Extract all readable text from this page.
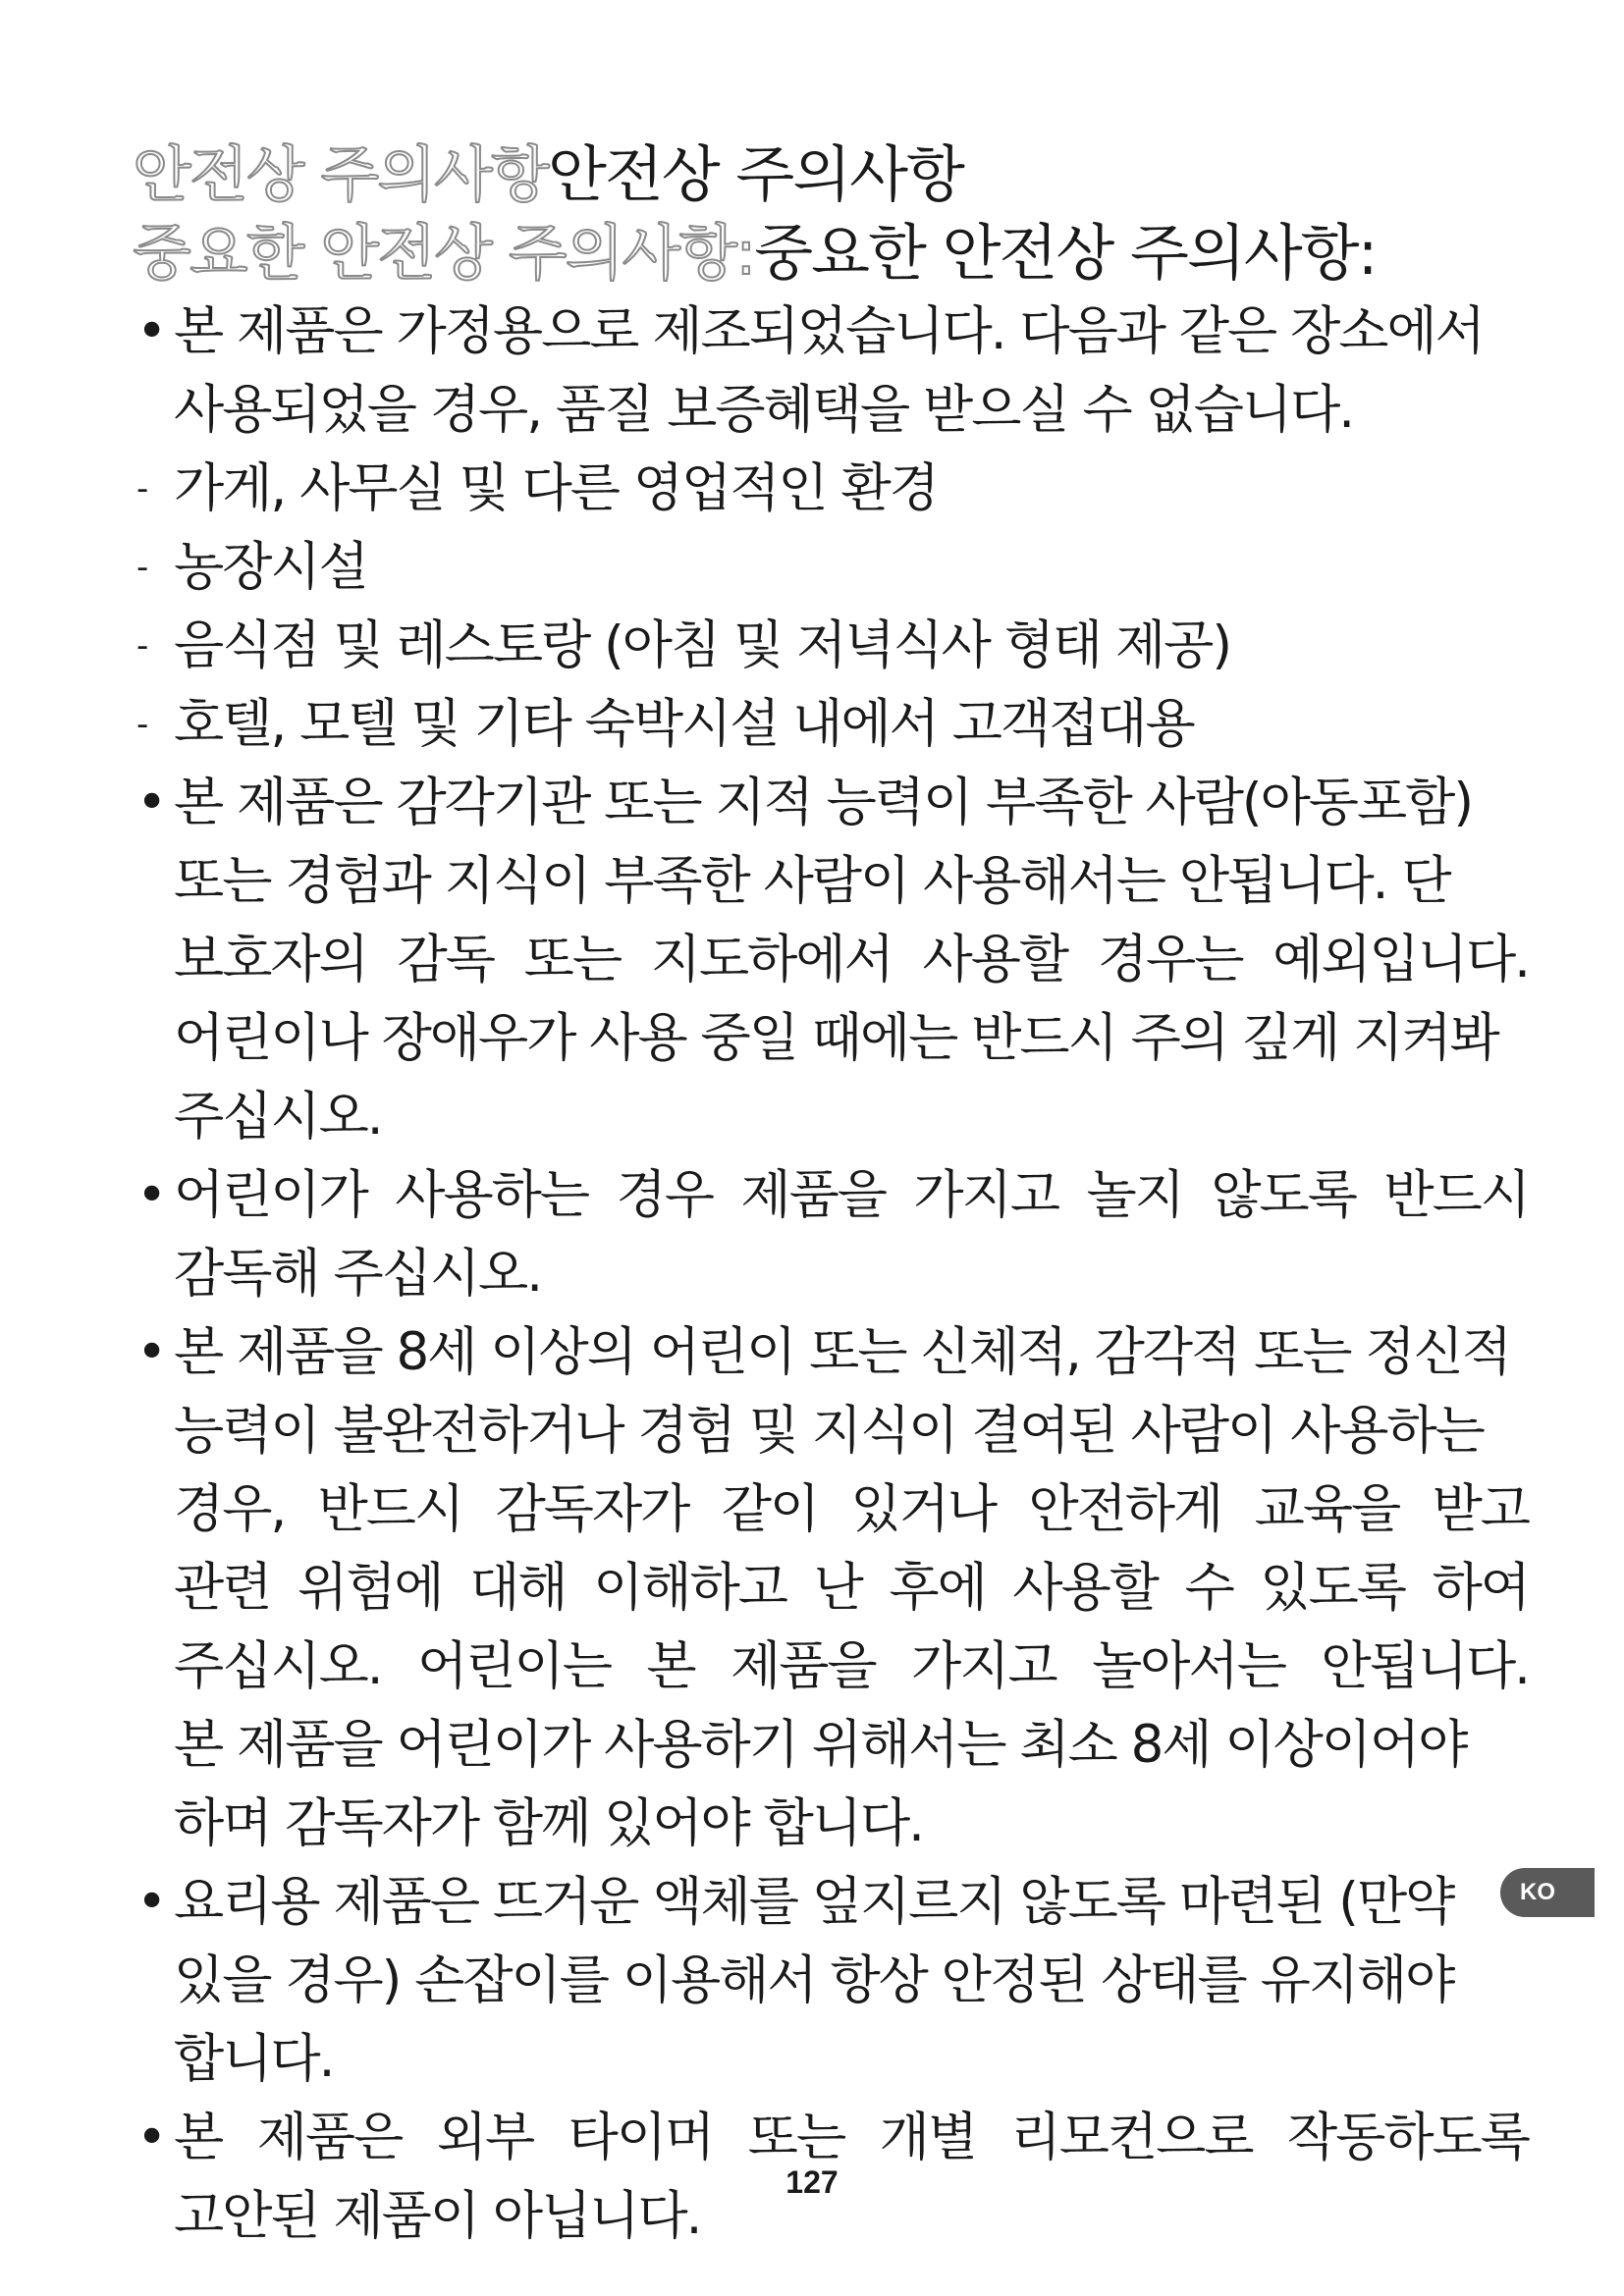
안전상 주의사항안전상 주의사항
중요한 안전상 주의사항:중요한 안전상 주의사항:
• 본 제품은 가정용으로 제조되었습니다. 다음과 같은 장소에서
사용되었을 경우, 품질 보증혜택을 받으실 수 없습니다.
- 가게, 사무실 및 다른 영업적인 환경
- 농장시설
- 음식점 및 레스토랑 (아침 및 저녁식사 형태 제공)
- 호텔, 모텔 및 기타 숙박시설 내에서 고객접대용
• 본 제품은 감각기관 또는 지적 능력이 부족한 사람(아동포함)
또는 경험과 지식이 부족한 사람이 사용해서는 안됩니다. 단
보호자의 감독 또는 지도하에서 사용할 경우는 예외입니다.
어린이나 장애우가 사용 중일 때에는 반드시 주의 깊게 지켜봐
주십시오.
• 어린이가 사용하는 경우 제품을 가지고 놀지 않도록 반드시
감독해 주십시오.
• 본 제품을 8세 이상의 어린이 또는 신체적, 감각적 또는 정신적
능력이 불완전하거나 경험 및 지식이 결여된 사람이 사용하는
경우, 반드시 감독자가 같이 있거나 안전하게 교육을 받고
관련 위험에 대해 이해하고 난 후에 사용할 수 있도록 하여
주십시오. 어린이는 본 제품을 가지고 놀아서는 안됩니다.
본 제품을 어린이가 사용하기 위해서는 최소 8세 이상이어야
하며 감독자가 함께 있어야 합니다.
• 요리용 제품은 뜨거운 액체를 엎지르지 않도록 마련된 (만약
있을 경우) 손잡이를 이용해서 항상 안정된 상태를 유지해야
합니다.
• 본 제품은 외부 타이머 또는 개별 리모컨으로 작동하도록
고안된 제품이 아닙니다.
KO
127
